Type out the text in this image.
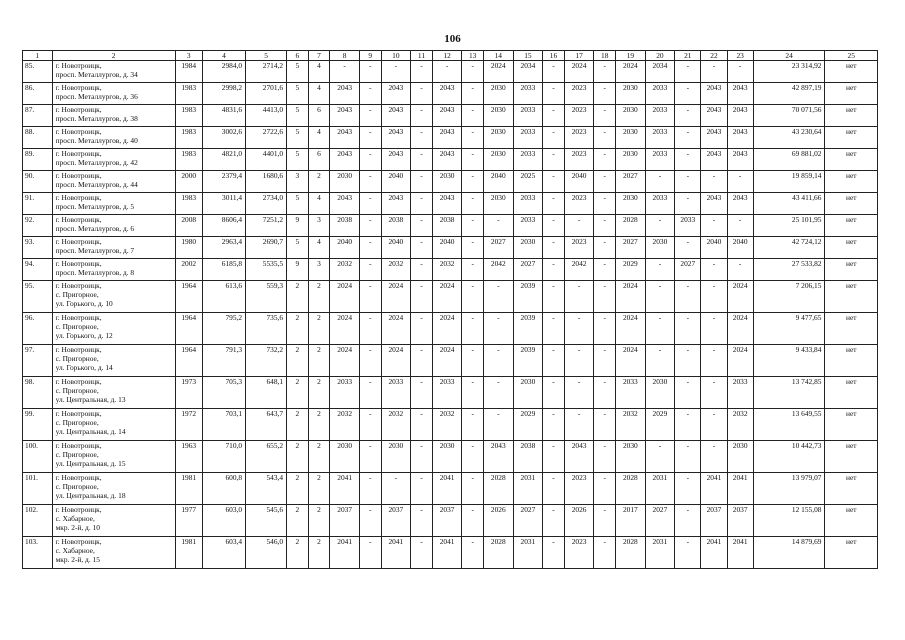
106
1	2	3	4	5	6	7	8	9	10	11	12	13	14	15	16	17	18	19	20	21	22	23	24	25
85.	г. Новотроицк,
просп. Металлургов, д. 34	1984	2984,0	2714,2	5	4	-	-	-	-	-	-	2024	2034	-	2024	-	2024	2034	-	-	-	23 314,92	нет
86.	г. Новотроицк,
просп. Металлургов, д. 36	1983	2998,2	2701,6	5	4	2043	-	2043	-	2043	-	2030	2033	-	2023	-	2030	2033	-	2043	2043	42 897,19	нет
87.	г. Новотроицк,
просп. Металлургов, д. 38	1983	4831,6	4413,0	5	6	2043	-	2043	-	2043	-	2030	2033	-	2023	-	2030	2033	-	2043	2043	70 071,56	нет
88.	г. Новотроицк,
просп. Металлургов, д. 40	1983	3002,6	2722,6	5	4	2043	-	2043	-	2043	-	2030	2033	-	2023	-	2030	2033	-	2043	2043	43 230,64	нет
89.	г. Новотроицк,
просп. Металлургов, д. 42	1983	4821,0	4401,0	5	6	2043	-	2043	-	2043	-	2030	2033	-	2023	-	2030	2033	-	2043	2043	69 881,02	нет
90.	г. Новотроицк,
просп. Металлургов, д. 44	2000	2379,4	1680,6	3	2	2030	-	2040	-	2030	-	2040	2025	-	2040	-	2027	-	-	-	-	19 859,14	нет
91.	г. Новотроицк,
просп. Металлургов, д. 5	1983	3011,4	2734,0	5	4	2043	-	2043	-	2043	-	2030	2033	-	2023	-	2030	2033	-	2043	2043	43 411,66	нет
92.	г. Новотроицк,
просп. Металлургов, д. 6	2008	8606,4	7251,2	9	3	2038	-	2038	-	2038	-	-	2033	-	-	-	2028	-	2033	-	-	25 101,95	нет
93.	г. Новотроицк,
просп. Металлургов, д. 7	1980	2963,4	2690,7	5	4	2040	-	2040	-	2040	-	2027	2030	-	2023	-	2027	2030	-	2040	2040	42 724,12	нет
94.	г. Новотроицк,
просп. Металлургов, д. 8	2002	6185,8	5535,5	9	3	2032	-	2032	-	2032	-	2042	2027	-	2042	-	2029	-	2027	-	-	27 533,82	нет
95.	г. Новотроицк,
с. Пригорное,
ул. Горького, д. 10	1964	613,6	559,3	2	2	2024	-	2024	-	2024	-	-	2039	-	-	-	2024	-	-	-	2024	7 206,15	нет
96.	г. Новотроицк,
с. Пригорное,
ул. Горького, д. 12	1964	795,2	735,6	2	2	2024	-	2024	-	2024	-	-	2039	-	-	-	2024	-	-	-	2024	9 477,65	нет
97.	г. Новотроицк,
с. Пригорное,
ул. Горького, д. 14	1964	791,3	732,2	2	2	2024	-	2024	-	2024	-	-	2039	-	-	-	2024	-	-	-	2024	9 433,84	нет
98.	г. Новотроицк,
с. Пригорное,
ул. Центральная, д. 13	1973	705,3	648,1	2	2	2033	-	2033	-	2033	-	-	2030	-	-	-	2033	2030	-	-	2033	13 742,85	нет
99.	г. Новотроицк,
с. Пригорное,
ул. Центральная, д. 14	1972	703,1	643,7	2	2	2032	-	2032	-	2032	-	-	2029	-	-	-	2032	2029	-	-	2032	13 649,55	нет
100.	г. Новотроицк,
с. Пригорное,
ул. Центральная, д. 15	1963	710,0	655,2	2	2	2030	-	2030	-	2030	-	2043	2038	-	2043	-	2030	-	-	-	2030	10 442,73	нет
101.	г. Новотроицк,
с. Пригорное,
ул. Центральная, д. 18	1981	600,8	543,4	2	2	2041	-	-	-	2041	-	2028	2031	-	2023	-	2028	2031	-	2041	2041	13 979,07	нет
102.	г. Новотроицк,
с. Хабарное,
мкр. 2-й, д. 10	1977	603,0	545,6	2	2	2037	-	2037	-	2037	-	2026	2027	-	2026	-	2017	2027	-	2037	2037	12 155,08	нет
103.	г. Новотроицк,
с. Хабарное,
мкр. 2-й, д. 15	1981	603,4	546,0	2	2	2041	-	2041	-	2041	-	2028	2031	-	2023	-	2028	2031	-	2041	2041	14 879,69	нет
